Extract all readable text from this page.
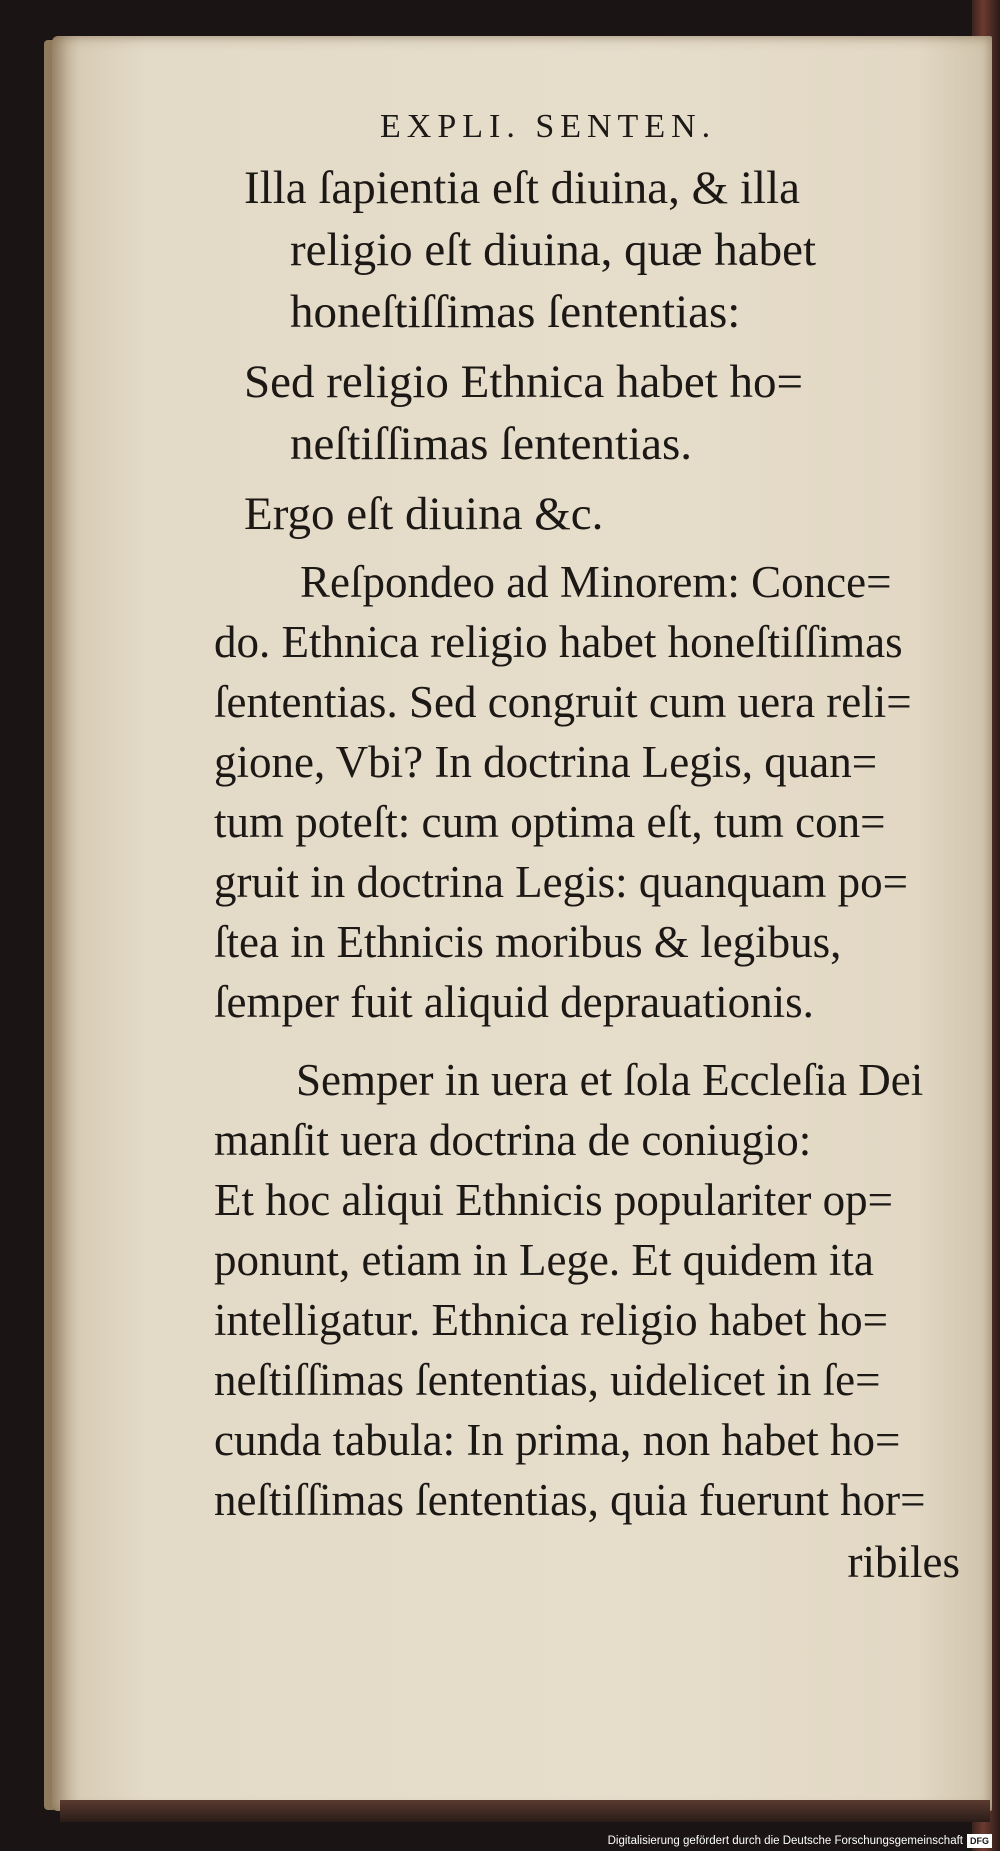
EXPLI. SENTEN.
Illa ſapientia eſt diuina, & illa
religio eſt diuina, quæ habet
honeſtiſſimas ſententias:
Sed religio Ethnica habet ho=
neſtiſſimas ſententias.
Ergo eſt diuina &c.
Reſpondeo ad Minorem: Conce=
do. Ethnica religio habet honeſtiſſimas
ſententias. Sed congruit cum uera reli=
gione, Vbi? In doctrina Legis, quan=
tum poteſt: cum optima eſt, tum con=
gruit in doctrina Legis: quanquam po=
ſtea in Ethnicis moribus & legibus,
ſemper fuit aliquid deprauationis.
Semper in uera et ſola Eccleſia Dei
manſit uera doctrina de coniugio:
Et hoc aliqui Ethnicis populariter op=
ponunt, etiam in Lege. Et quidem ita
intelligatur. Ethnica religio habet ho=
neſtiſſimas ſententias, uidelicet in ſe=
cunda tabula: In prima, non habet ho=
neſtiſſimas ſententias, quia fuerunt hor=
ribiles
Digitalisierung gefördert durch die Deutsche Forschungsgemeinschaft DFG
